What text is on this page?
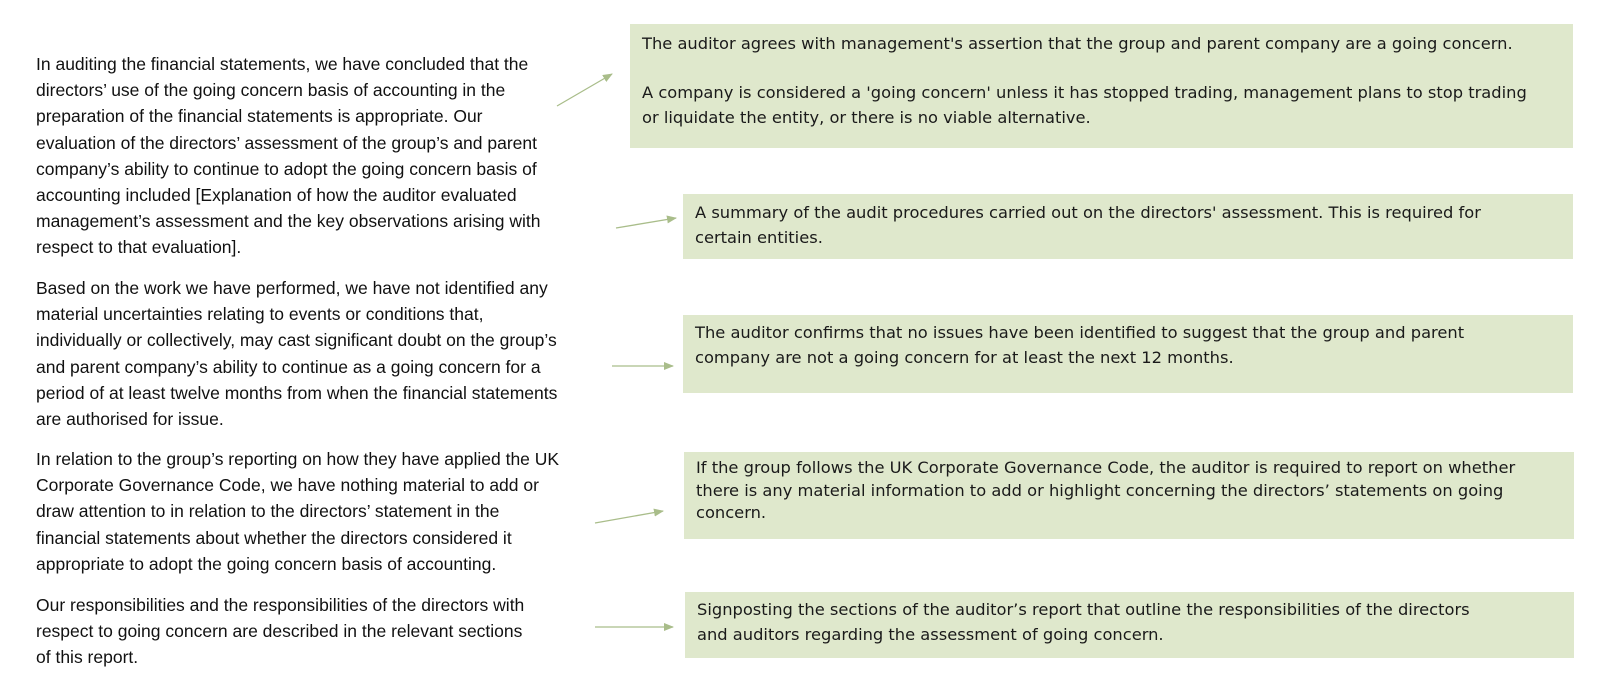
In auditing the financial statements, we have concluded that the
directors’ use of the going concern basis of accounting in the
preparation of the financial statements is appropriate. Our
evaluation of the directors’ assessment of the group’s and parent
company’s ability to continue to adopt the going concern basis of
accounting included [Explanation of how the auditor evaluated
management’s assessment and the key observations arising with
respect to that evaluation].

Based on the work we have performed, we have not identified any
material uncertainties relating to events or conditions that,
individually or collectively, may cast significant doubt on the group’s
and parent company’s ability to continue as a going concern for a
period of at least twelve months from when the financial statements
are authorised for issue.

In relation to the group’s reporting on how they have applied the UK
Corporate Governance Code, we have nothing material to add or
draw attention to in relation to the directors’ statement in the
financial statements about whether the directors considered it
appropriate to adopt the going concern basis of accounting.

Our responsibilities and the responsibilities of the directors with
respect to going concern are described in the relevant sections
of this report.

The auditor agrees with management's assertion that the group and parent company are a going concern.

A company is considered a 'going concern' unless it has stopped trading, management plans to stop trading
or liquidate the entity, or there is no viable alternative.

A summary of the audit procedures carried out on the directors' assessment. This is required for
certain entities.

The auditor confirms that no issues have been identified to suggest that the group and parent
company are not a going concern for at least the next 12 months.

If the group follows the UK Corporate Governance Code, the auditor is required to report on whether
there is any material information to add or highlight concerning the directors’ statements on going
concern.

Signposting the sections of the auditor’s report that outline the responsibilities of the directors
and auditors regarding the assessment of going concern.
